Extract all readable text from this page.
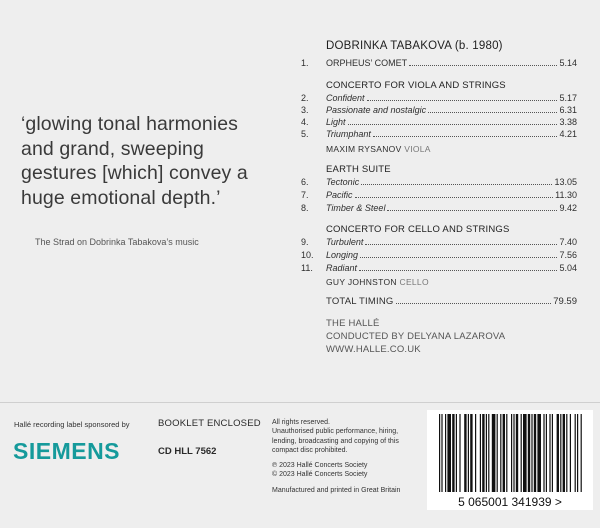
‘glowing tonal harmonies
and grand, sweeping
gestures [which] convey a
huge emotional depth.’
The Strad on Dobrinka Tabakova’s music
DOBRINKA TABAKOVA (b. 1980)
1.	ORPHEUS’ COMET	5.14
CONCERTO FOR VIOLA AND STRINGS
2.	Confident	5.17
3.	Passionate and nostalgic	6.31
4.	Light	3.38
5.	Triumphant	4.21
MAXIM RYSANOV VIOLA
EARTH SUITE
6.	Tectonic	13.05
7.	Pacific	11.30
8.	Timber & Steel	9.42
CONCERTO FOR CELLO AND STRINGS
9.	Turbulent	7.40
10.	Longing	7.56
11.	Radiant	5.04
GUY JOHNSTON CELLO
TOTAL TIMING	79.59
THE HALLÉ
CONDUCTED BY DELYANA LAZAROVA
WWW.HALLE.CO.UK
Hallé recording label sponsored by
SIEMENS
BOOKLET ENCLOSED
CD HLL 7562

All rights reserved.

Unauthorised public performance, hiring,

lending, broadcasting and copying of this

compact disc prohibited.

℗ 2023 Hallé Concerts Society

© 2023 Hallé Concerts Society

Manufactured and printed in Great Britain

5 065001 341939 >
